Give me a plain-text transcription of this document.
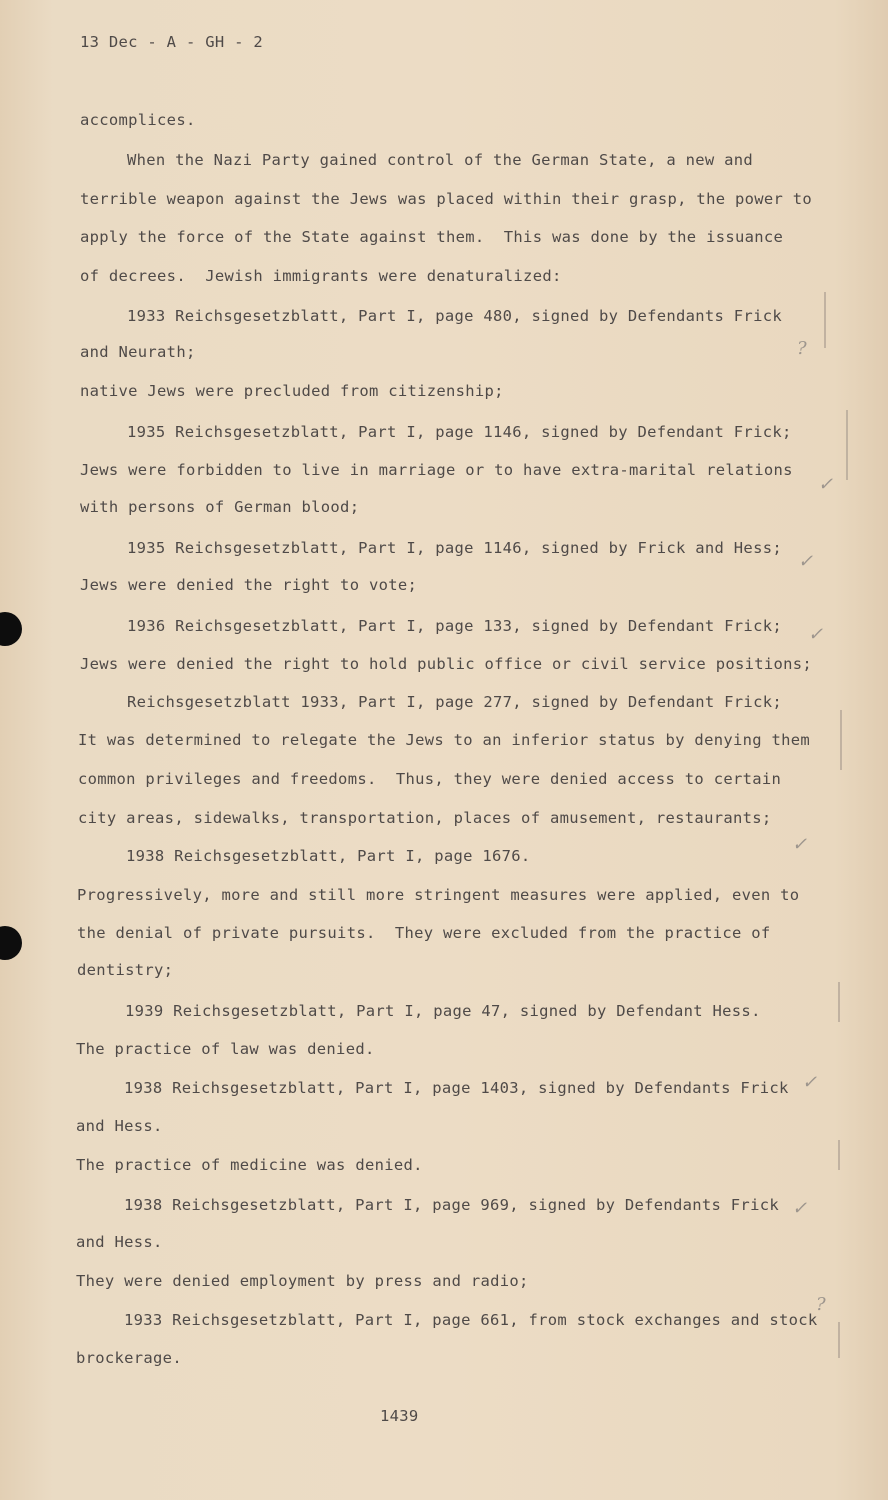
13 Dec - A - GH - 2
accomplices.
When the Nazi Party gained control of the German State, a new and
terrible weapon against the Jews was placed within their grasp, the power to
apply the force of the State against them.  This was done by the issuance
of decrees.  Jewish immigrants were denaturalized:
1933 Reichsgesetzblatt, Part I, page 480, signed by Defendants Frick
and Neurath;
native Jews were precluded from citizenship;
1935 Reichsgesetzblatt, Part I, page 1146, signed by Defendant Frick;
Jews were forbidden to live in marriage or to have extra-marital relations
with persons of German blood;
1935 Reichsgesetzblatt, Part I, page 1146, signed by Frick and Hess;
Jews were denied the right to vote;
1936 Reichsgesetzblatt, Part I, page 133, signed by Defendant Frick;
Jews were denied the right to hold public office or civil service positions;
Reichsgesetzblatt 1933, Part I, page 277, signed by Defendant Frick;
It was determined to relegate the Jews to an inferior status by denying them
common privileges and freedoms.  Thus, they were denied access to certain
city areas, sidewalks, transportation, places of amusement, restaurants;
1938 Reichsgesetzblatt, Part I, page 1676.
Progressively, more and still more stringent measures were applied, even to
the denial of private pursuits.  They were excluded from the practice of
dentistry;
1939 Reichsgesetzblatt, Part I, page 47, signed by Defendant Hess.
The practice of law was denied.
1938 Reichsgesetzblatt, Part I, page 1403, signed by Defendants Frick
and Hess.
The practice of medicine was denied.
1938 Reichsgesetzblatt, Part I, page 969, signed by Defendants Frick
and Hess.
They were denied employment by press and radio;
1933 Reichsgesetzblatt, Part I, page 661, from stock exchanges and stock
brockerage.
1439
?
✓
✓
✓
✓
✓
✓
?
